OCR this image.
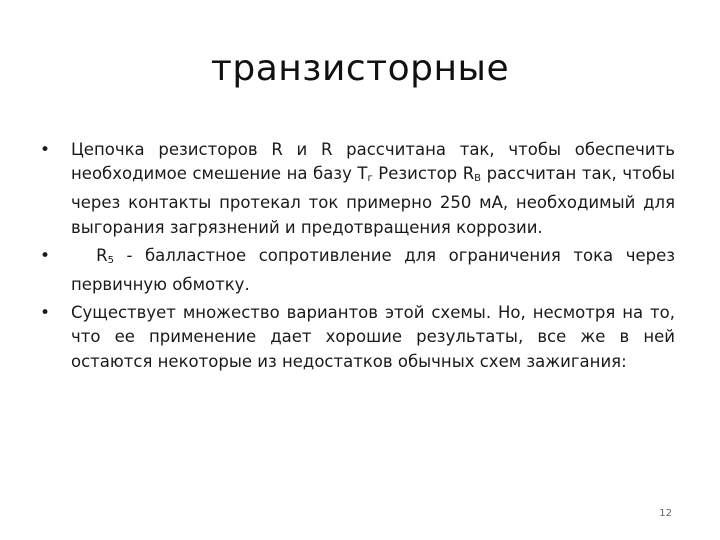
транзисторные
• Цепочка резисторов R и R рассчитана так, чтобы обеспечить необходимое смешение на базу $Т_г$ Резистор $R_В$ рассчитан так, чтобы через контакты протекал ток примерно 250 мА, необходимый для выгорания загрязнений и предотвращения коррозии.
• $R_5$ - балластное сопротивление для ограничения тока через первичную обмотку.
• Существует множество вариантов этой схемы. Но, несмотря на то, что ее применение дает хорошие результаты, все же в ней остаются некоторые из недостатков обычных схем зажигания:
12
